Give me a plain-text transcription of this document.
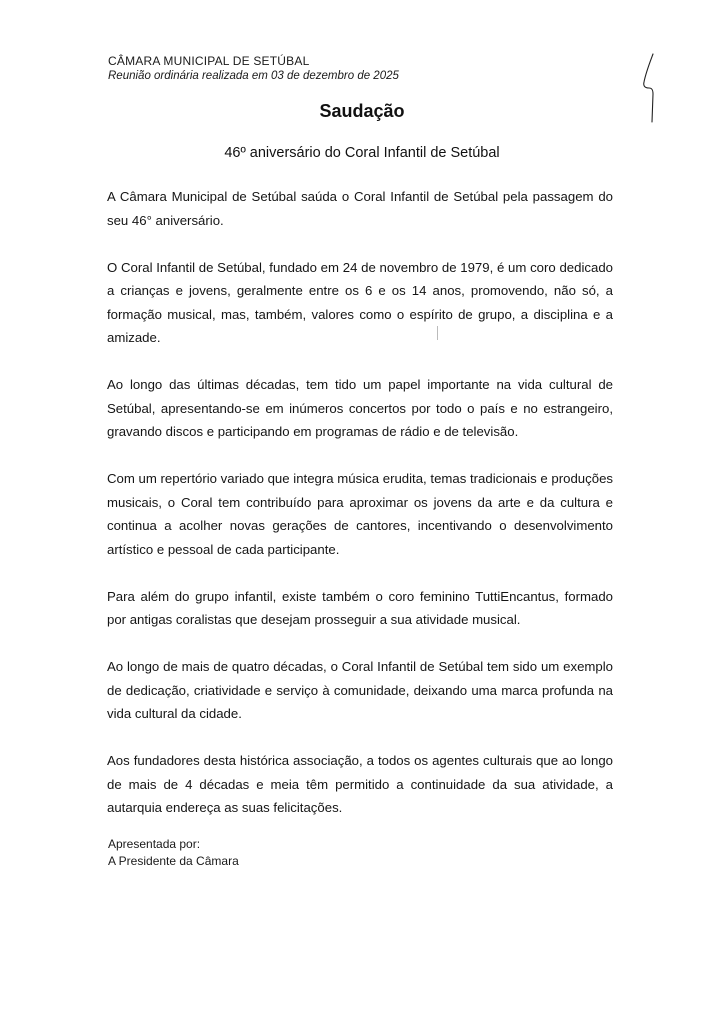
CÂMARA MUNICIPAL DE SETÚBAL
Reunião ordinária realizada em 03 de dezembro de 2025
Saudação
46º aniversário do Coral Infantil de Setúbal

A Câmara Municipal de Setúbal saúda o Coral Infantil de Setúbal pela passagem do seu 46° aniversário.

O Coral Infantil de Setúbal, fundado em 24 de novembro de 1979, é um coro dedicado a crianças e jovens, geralmente entre os 6 e os 14 anos, promovendo, não só, a formação musical, mas, também, valores como o espírito de grupo, a disciplina e a amizade.

Ao longo das últimas décadas, tem tido um papel importante na vida cultural de Setúbal, apresentando-se em inúmeros concertos por todo o país e no estrangeiro, gravando discos e participando em programas de rádio e de televisão.

Com um repertório variado que integra música erudita, temas tradicionais e produções musicais, o Coral tem contribuído para aproximar os jovens da arte e da cultura e continua a acolher novas gerações de cantores, incentivando o desenvolvimento artístico e pessoal de cada participante.

Para além do grupo infantil, existe também o coro feminino TuttiEncantus, formado por antigas coralistas que desejam prosseguir a sua atividade musical.

Ao longo de mais de quatro décadas, o Coral Infantil de Setúbal tem sido um exemplo de dedicação, criatividade e serviço à comunidade, deixando uma marca profunda na vida cultural da cidade.

Aos fundadores desta histórica associação, a todos os agentes culturais que ao longo de mais de 4 décadas e meia têm permitido a continuidade da sua atividade, a autarquia endereça as suas felicitações.

Apresentada por:
A Presidente da Câmara
